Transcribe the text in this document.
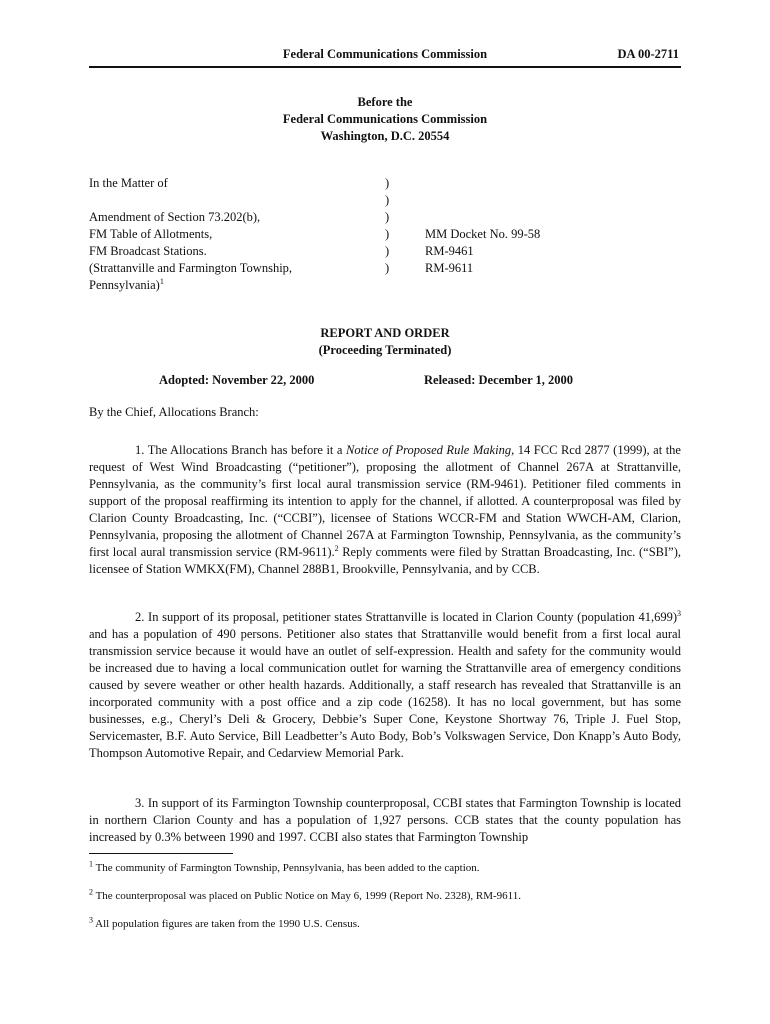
Federal Communications Commission	DA 00-2711
Before the
Federal Communications Commission
Washington, D.C. 20554
In the Matter of
Amendment of Section 73.202(b),
FM Table of Allotments,
FM Broadcast Stations.
(Strattanville and Farmington Township,
Pennsylvania)$^1$
)
)
)
)
)
)
MM Docket No. 99-58
RM-9461
RM-9611
REPORT AND ORDER
(Proceeding Terminated)
Adopted: November 22, 2000	Released: December 1, 2000
By the Chief, Allocations Branch:

1. The Allocations Branch has before it a Notice of Proposed Rule Making, 14 FCC Rcd 2877 (1999), at the request of West Wind Broadcasting (“petitioner”), proposing the allotment of Channel 267A at Strattanville, Pennsylvania, as the community’s first local aural transmission service (RM-9461). Petitioner filed comments in support of the proposal reaffirming its intention to apply for the channel, if allotted. A counterproposal was filed by Clarion County Broadcasting, Inc. (“CCBI”), licensee of Stations WCCR-FM and Station WWCH-AM, Clarion, Pennsylvania, proposing the allotment of Channel 267A at Farmington Township, Pennsylvania, as the community’s first local aural transmission service (RM-9611).$^2$ Reply comments were filed by Strattan Broadcasting, Inc. (“SBI”), licensee of Station WMKX(FM), Channel 288B1, Brookville, Pennsylvania, and by CCB.

2. In support of its proposal, petitioner states Strattanville is located in Clarion County (population 41,699)$^3$ and has a population of 490 persons. Petitioner also states that Strattanville would benefit from a first local aural transmission service because it would have an outlet of self-expression. Health and safety for the community would be increased due to having a local communication outlet for warning the Strattanville area of emergency conditions caused by severe weather or other health hazards. Additionally, a staff research has revealed that Strattanville is an incorporated community with a post office and a zip code (16258). It has no local government, but has some businesses, e.g., Cheryl’s Deli & Grocery, Debbie’s Super Cone, Keystone Shortway 76, Triple J. Fuel Stop, Servicemaster, B.F. Auto Service, Bill Leadbetter’s Auto Body, Bob’s Volkswagen Service, Don Knapp’s Auto Body, Thompson Automotive Repair, and Cedarview Memorial Park.

3. In support of its Farmington Township counterproposal, CCBI states that Farmington Township is located in northern Clarion County and has a population of 1,927 persons. CCB states that the county population has increased by 0.3% between 1990 and 1997. CCBI also states that Farmington Township

$^1$ The community of Farmington Township, Pennsylvania, has been added to the caption.
$^2$ The counterproposal was placed on Public Notice on May 6, 1999 (Report No. 2328), RM-9611.
$^3$ All population figures are taken from the 1990 U.S. Census.
